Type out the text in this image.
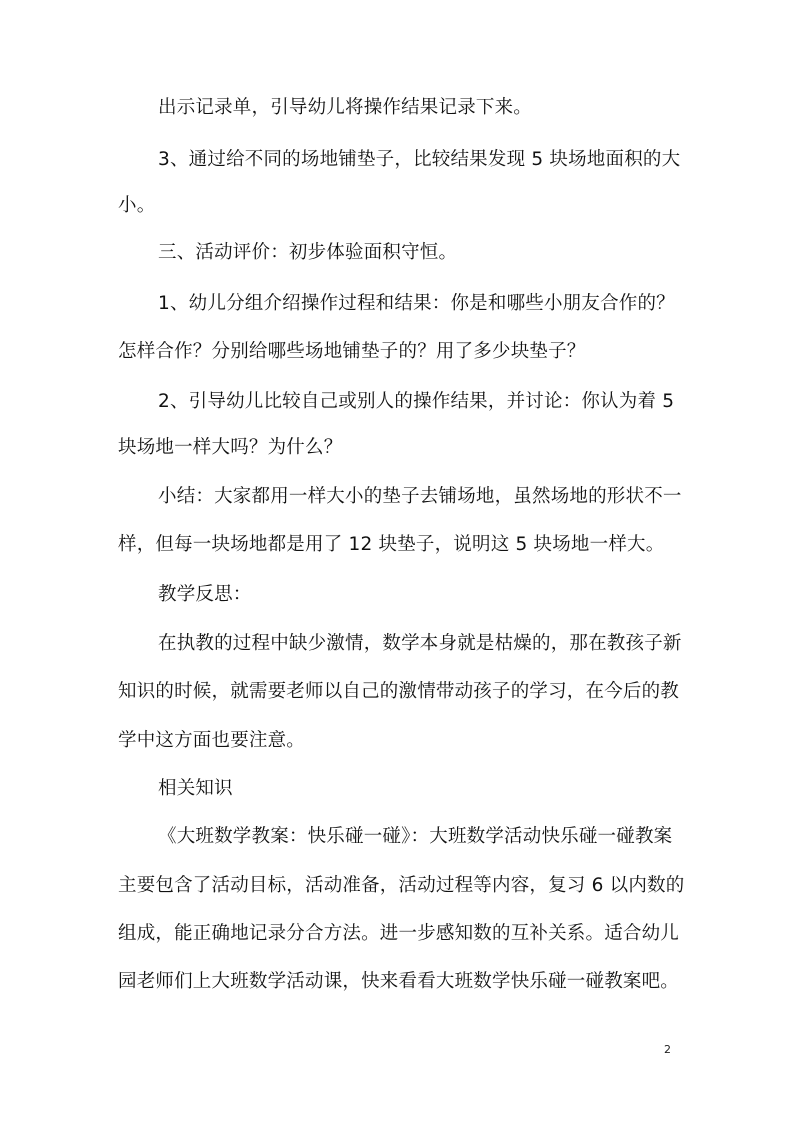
出示记录单，引导幼儿将操作结果记录下来。
3、通过给不同的场地铺垫子，比较结果发现 5 块场地面积的大
小。
三、活动评价：初步体验面积守恒。
1、幼儿分组介绍操作过程和结果：你是和哪些小朋友合作的？
怎样合作？分别给哪些场地铺垫子的？用了多少块垫子？
2、引导幼儿比较自己或别人的操作结果，并讨论：你认为着 5
块场地一样大吗？为什么？
小结：大家都用一样大小的垫子去铺场地，虽然场地的形状不一
样，但每一块场地都是用了 12 块垫子，说明这 5 块场地一样大。
教学反思：
在执教的过程中缺少激情，数学本身就是枯燥的，那在教孩子新
知识的时候，就需要老师以自己的激情带动孩子的学习，在今后的教
学中这方面也要注意。
相关知识
《大班数学教案：快乐碰一碰》：大班数学活动快乐碰一碰教案
主要包含了活动目标，活动准备，活动过程等内容，复习 6 以内数的
组成，能正确地记录分合方法。进一步感知数的互补关系。适合幼儿
园老师们上大班数学活动课，快来看看大班数学快乐碰一碰教案吧。
2
